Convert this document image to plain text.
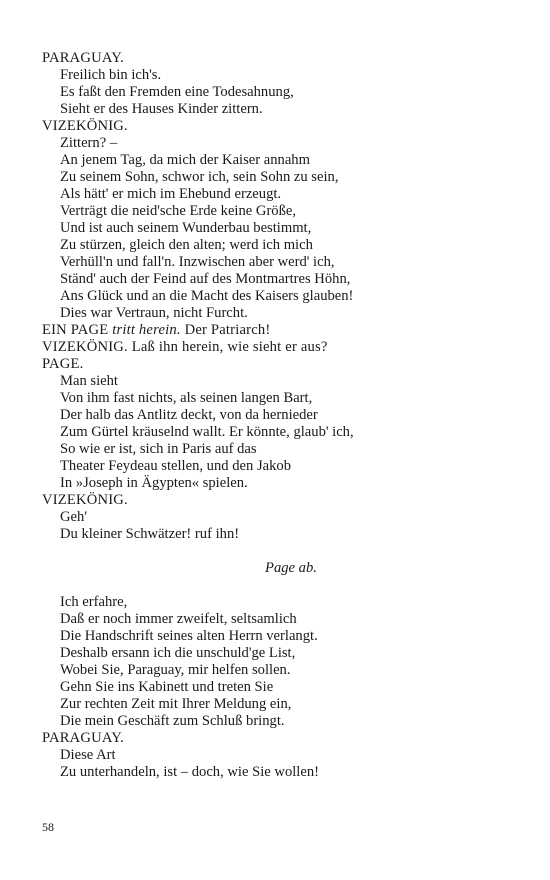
PARAGUAY.
Freilich bin ich's.
Es faßt den Fremden eine Todesahnung,
Sieht er des Hauses Kinder zittern.
VIZEKÖNIG.
Zittern? –
An jenem Tag, da mich der Kaiser annahm
Zu seinem Sohn, schwor ich, sein Sohn zu sein,
Als hätt' er mich im Ehebund erzeugt.
Verträgt die neid'sche Erde keine Größe,
Und ist auch seinem Wunderbau bestimmt,
Zu stürzen, gleich den alten; werd ich mich
Verhüll'n und fall'n. Inzwischen aber werd' ich,
Ständ' auch der Feind auf des Montmartres Höhn,
Ans Glück und an die Macht des Kaisers glauben!
Dies war Vertraun, nicht Furcht.
EIN PAGE tritt herein. Der Patriarch!
VIZEKÖNIG. Laß ihn herein, wie sieht er aus?
PAGE.
Man sieht
Von ihm fast nichts, als seinen langen Bart,
Der halb das Antlitz deckt, von da hernieder
Zum Gürtel kräuselnd wallt. Er könnte, glaub' ich,
So wie er ist, sich in Paris auf das
Theater Feydeau stellen, und den Jakob
In »Joseph in Ägypten« spielen.
VIZEKÖNIG.
Geh'
Du kleiner Schwätzer! ruf ihn!
Page ab.
Ich erfahre,
Daß er noch immer zweifelt, seltsamlich
Die Handschrift seines alten Herrn verlangt.
Deshalb ersann ich die unschuld'ge List,
Wobei Sie, Paraguay, mir helfen sollen.
Gehn Sie ins Kabinett und treten Sie
Zur rechten Zeit mit Ihrer Meldung ein,
Die mein Geschäft zum Schluß bringt.
PARAGUAY.
Diese Art
Zu unterhandeln, ist – doch, wie Sie wollen!
58
